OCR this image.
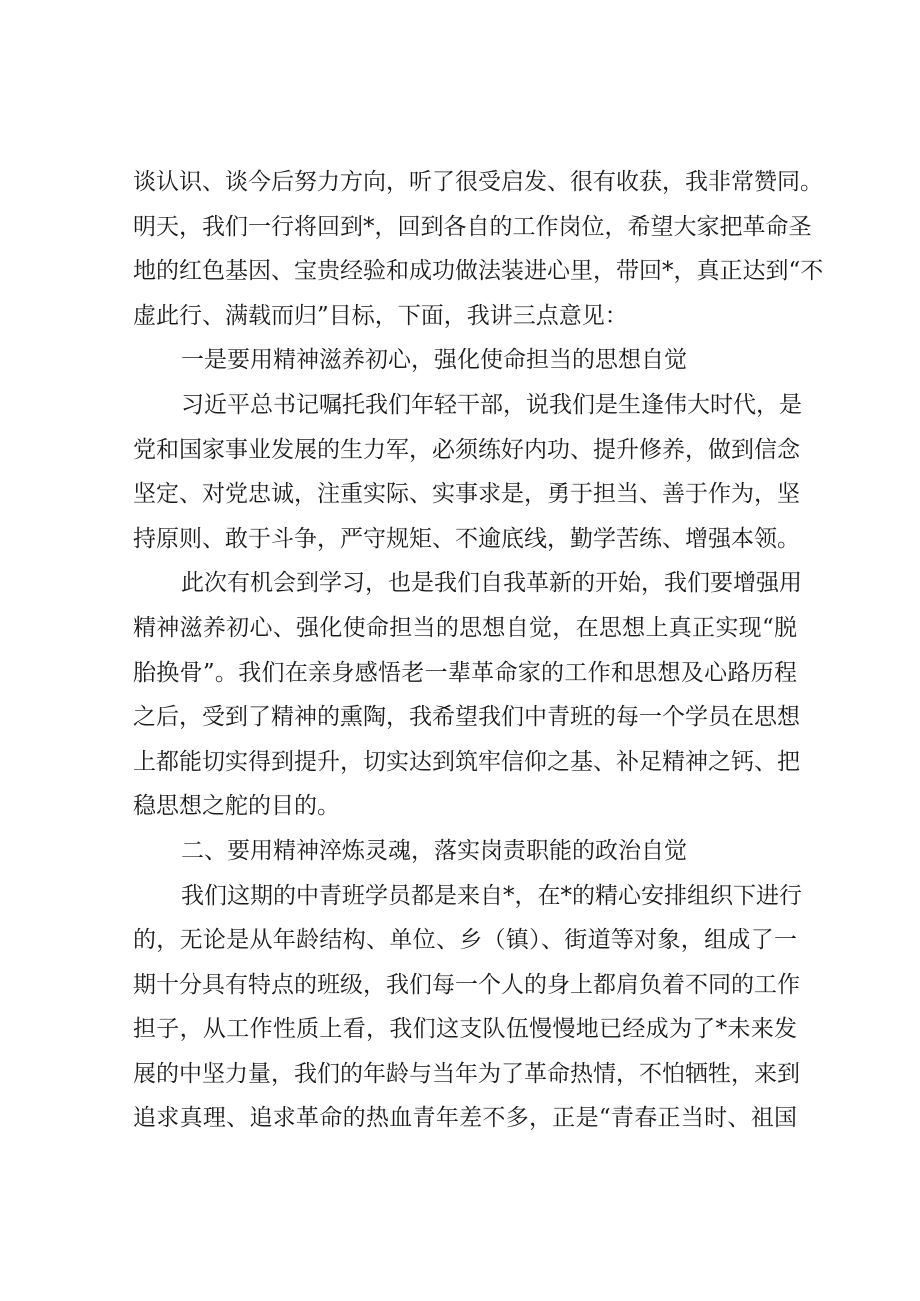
谈认识、谈今后努力方向，听了很受启发、很有收获，我非常赞同。
明天，我们一行将回到*，回到各自的工作岗位，希望大家把革命圣
地的红色基因、宝贵经验和成功做法装进心里，带回*，真正达到“不
虚此行、满载而归”目标，下面，我讲三点意见：
一是要用精神滋养初心，强化使命担当的思想自觉
习近平总书记嘱托我们年轻干部，说我们是生逢伟大时代，是
党和国家事业发展的生力军，必须练好内功、提升修养，做到信念
坚定、对党忠诚，注重实际、实事求是，勇于担当、善于作为，坚
持原则、敢于斗争，严守规矩、不逾底线，勤学苦练、增强本领。
此次有机会到学习，也是我们自我革新的开始，我们要增强用
精神滋养初心、强化使命担当的思想自觉，在思想上真正实现“脱
胎换骨”。我们在亲身感悟老一辈革命家的工作和思想及心路历程
之后，受到了精神的熏陶，我希望我们中青班的每一个学员在思想
上都能切实得到提升，切实达到筑牢信仰之基、补足精神之钙、把
稳思想之舵的目的。
二、要用精神淬炼灵魂，落实岗责职能的政治自觉
我们这期的中青班学员都是来自*，在*的精心安排组织下进行
的，无论是从年龄结构、单位、乡（镇）、街道等对象，组成了一
期十分具有特点的班级，我们每一个人的身上都肩负着不同的工作
担子，从工作性质上看，我们这支队伍慢慢地已经成为了*未来发
展的中坚力量，我们的年龄与当年为了革命热情，不怕牺牲，来到
追求真理、追求革命的热血青年差不多，正是“青春正当时、祖国
